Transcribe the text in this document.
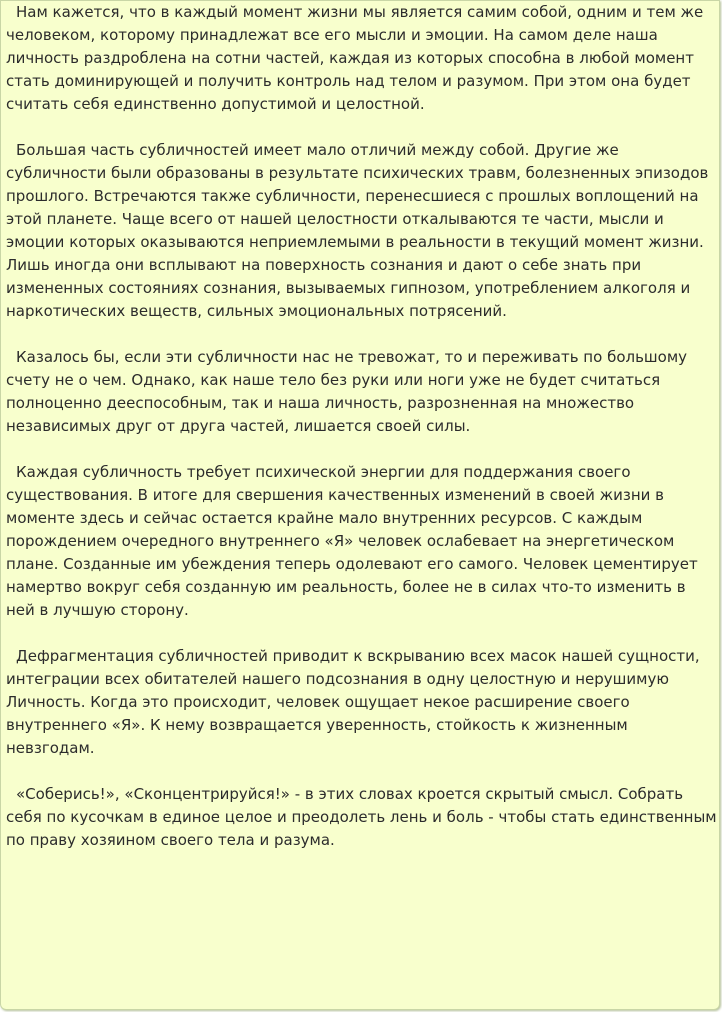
Нам кажется, что в каждый момент жизни мы является самим собой, одним и тем же человеком, которому принадлежат все его мысли и эмоции. На самом деле наша личность раздроблена на сотни частей, каждая из которых способна в любой момент стать доминирующей и получить контроль над телом и разумом. При этом она будет считать себя единственно допустимой и целостной.

Большая часть субличностей имеет мало отличий между собой. Другие же субличности были образованы в результате психических травм, болезненных эпизодов прошлого. Встречаются также субличности, перенесшиеся с прошлых воплощений на этой планете. Чаще всего от нашей целостности откалываются те части, мысли и эмоции которых оказываются неприемлемыми в реальности в текущий момент жизни. Лишь иногда они всплывают на поверхность сознания и дают о себе знать при измененных состояниях сознания, вызываемых гипнозом, употреблением алкоголя и наркотических веществ, сильных эмоциональных потрясений.

Казалось бы, если эти субличности нас не тревожат, то и переживать по большому счету не о чем. Однако, как наше тело без руки или ноги уже не будет считаться полноценно дееспособным, так и наша личность, разрозненная на множество независимых друг от друга частей, лишается своей силы.

Каждая субличность требует психической энергии для поддержания своего существования. В итоге для свершения качественных изменений в своей жизни в моменте здесь и сейчас остается крайне мало внутренних ресурсов. С каждым порождением очередного внутреннего «Я» человек ослабевает на энергетическом плане. Созданные им убеждения теперь одолевают его самого. Человек цементирует намертво вокруг себя созданную им реальность, более не в силах что-то изменить в ней в лучшую сторону.

Дефрагментация субличностей приводит к вскрыванию всех масок нашей сущности, интеграции всех обитателей нашего подсознания в одну целостную и нерушимую Личность. Когда это происходит, человек ощущает некое расширение своего внутреннего «Я». К нему возвращается уверенность, стойкость к жизненным невзгодам.

«Соберись!», «Сконцентрируйся!» - в этих словах кроется скрытый смысл. Собрать себя по кусочкам в единое целое и преодолеть лень и боль - чтобы стать единственным по праву хозяином своего тела и разума.
